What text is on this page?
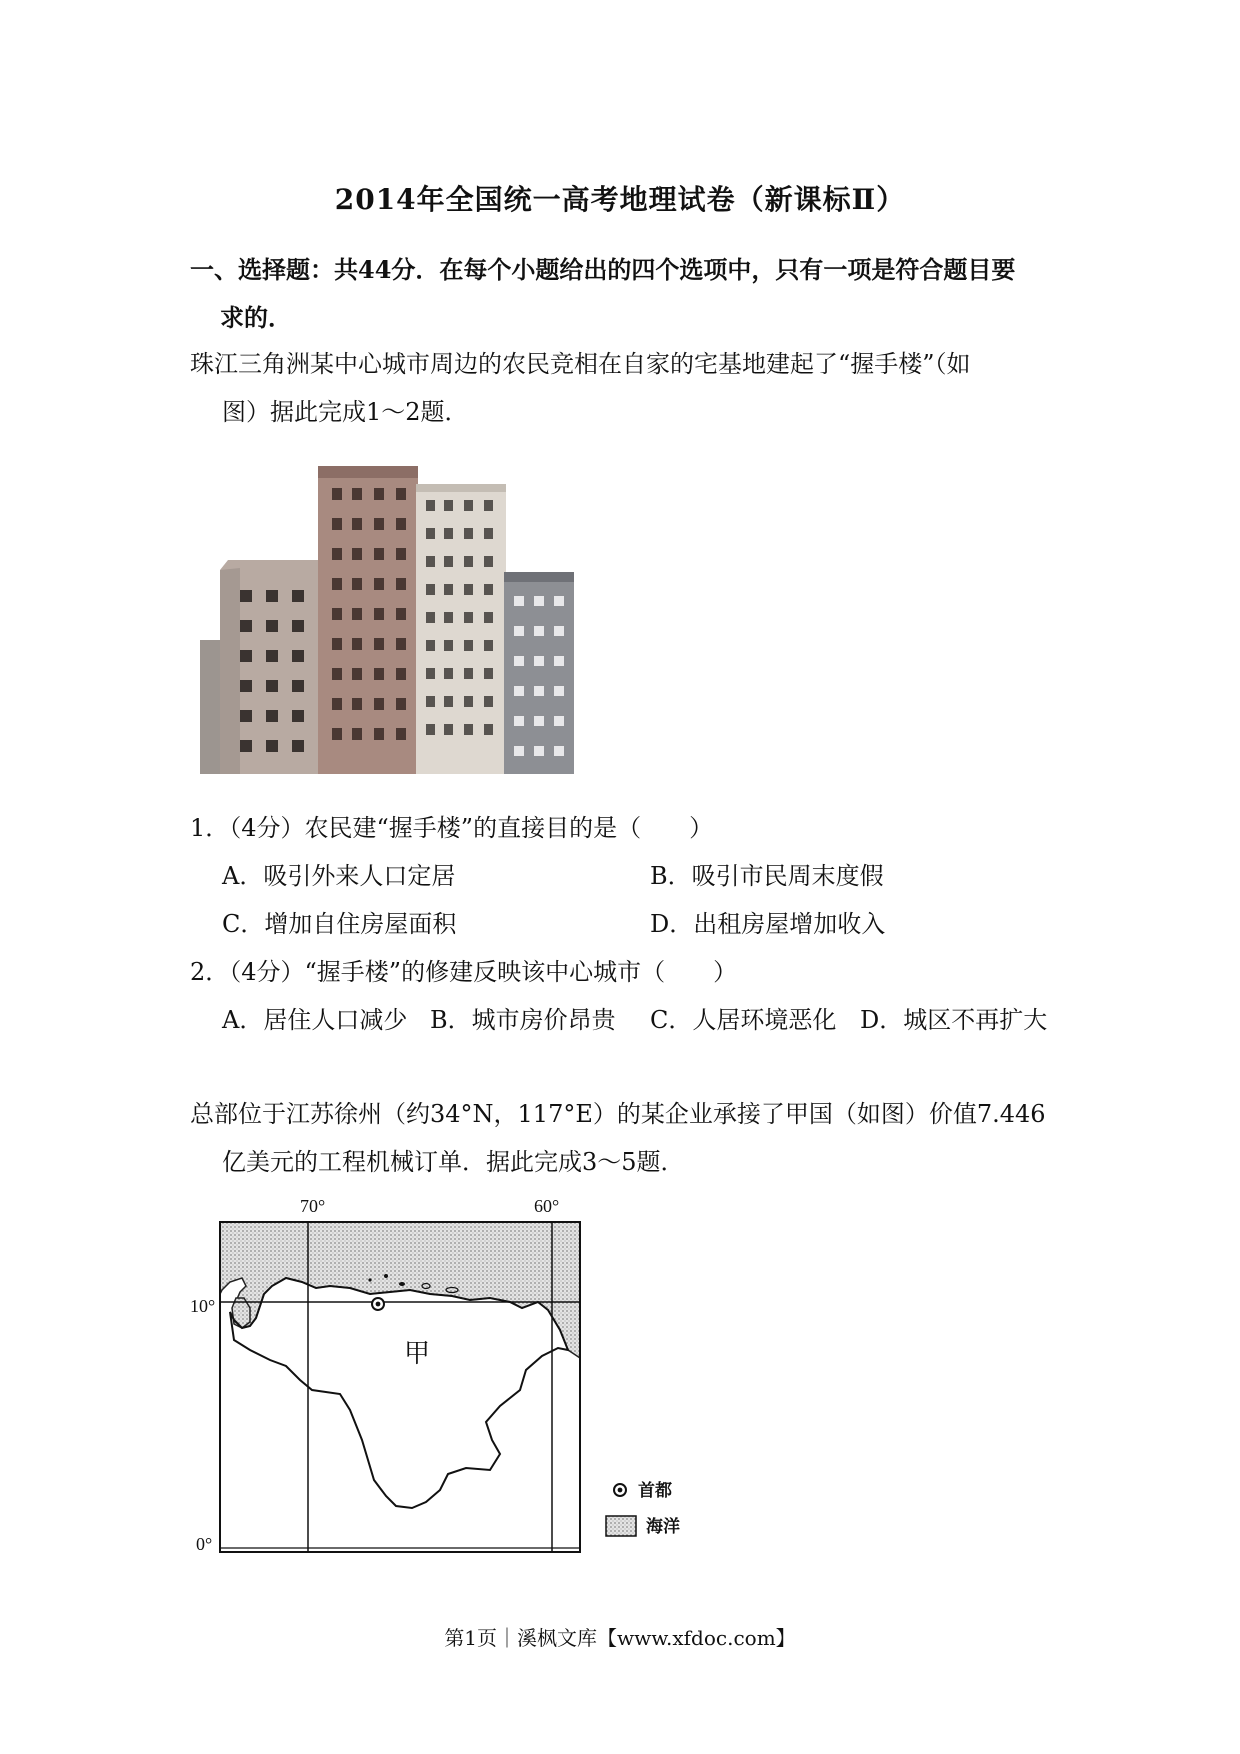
2014年全国统一高考地理试卷（新课标Ⅱ）
一、选择题：共44分．在每个小题给出的四个选项中，只有一项是符合题目要
求的．
珠江三角洲某中心城市周边的农民竞相在自家的宅基地建起了“握手楼”（如
图）据此完成1～2题．
1．（4分）农民建“握手楼”的直接目的是（　　）
A．吸引外来人口定居	B．吸引市民周末度假
C．增加自住房屋面积	D．出租房屋增加收入
2．（4分）“握手楼”的修建反映该中心城市（　　）
A．居住人口减少 B．城市房价昂贵 C．人居环境恶化 D．城区不再扩大
总部位于江苏徐州（约34°N，117°E）的某企业承接了甲国（如图）价值7.446
亿美元的工程机械订单．据此完成3～5题．
70°	60°
10°
0°
甲
首都
海洋
第1页｜溪枫文库【www.xfdoc.com】
